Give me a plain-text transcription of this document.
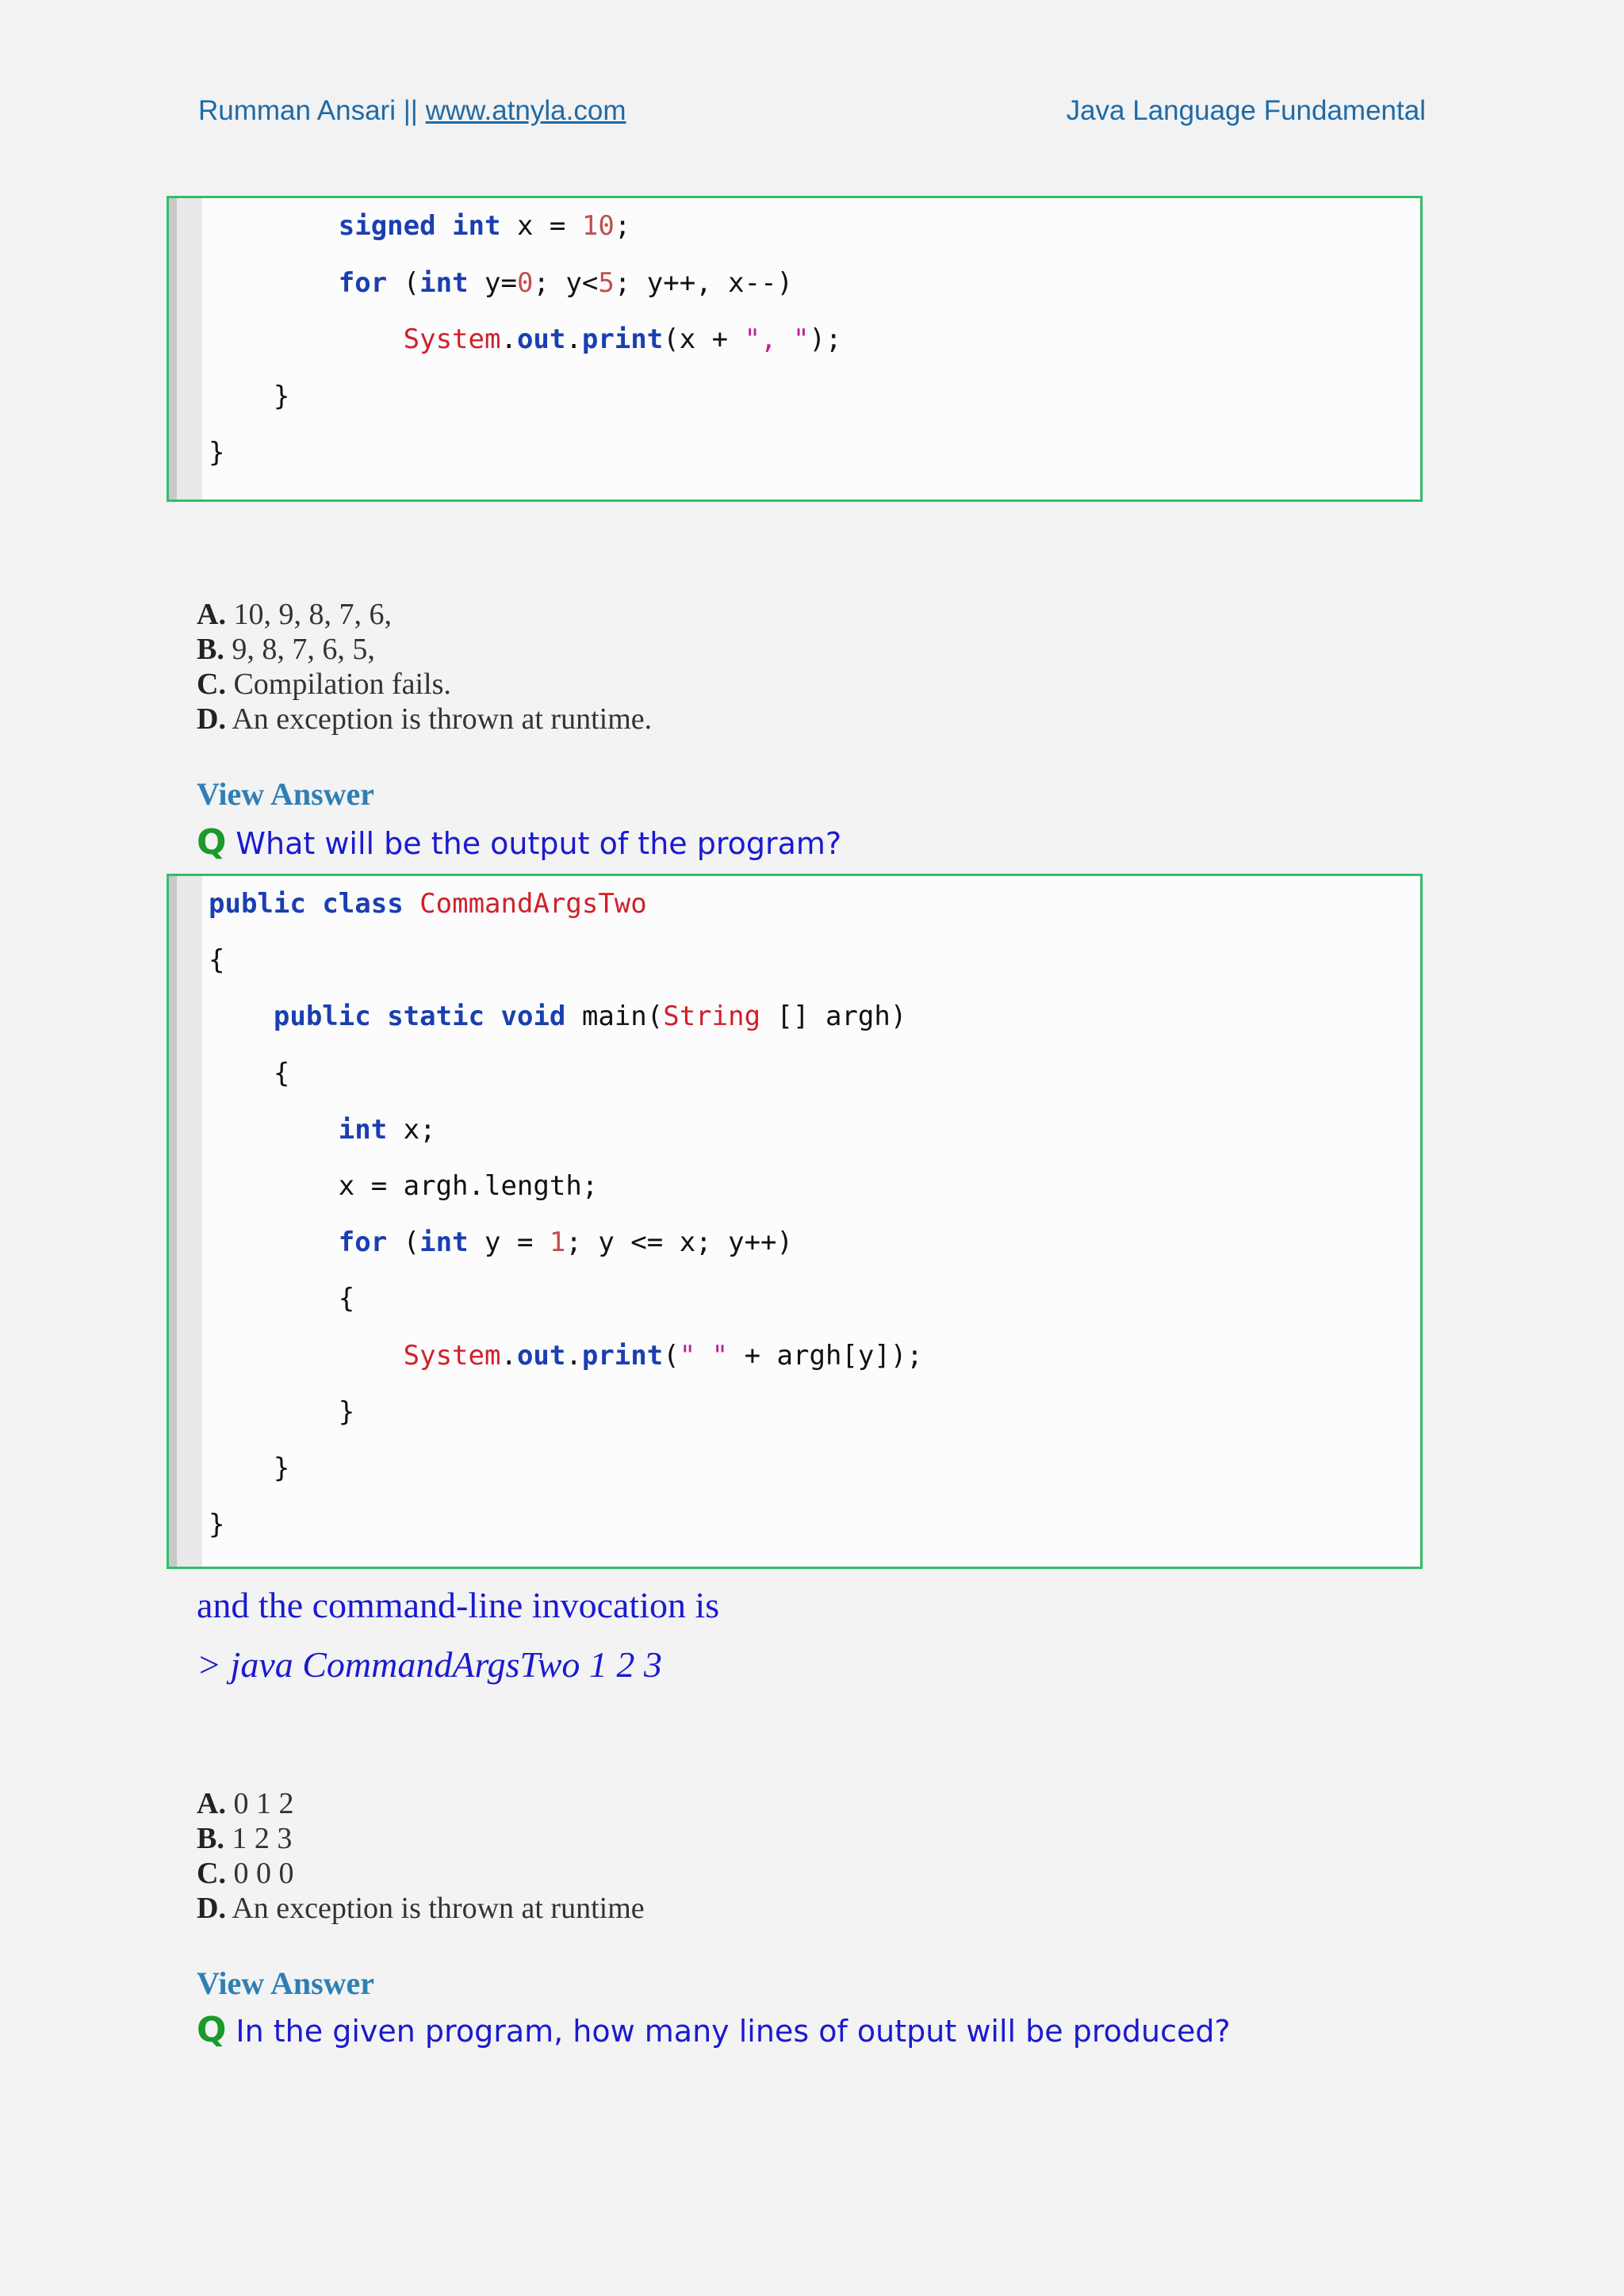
Rumman Ansari || www.atnyla.com	Java Language Fundamental
signed int x = 10;
for (int y=0; y<5; y++, x--)
System.out.print(x + ", ");
}
}
A. 10, 9, 8, 7, 6,
B. 9, 8, 7, 6, 5,
C. Compilation fails.
D. An exception is thrown at runtime.
View Answer
Q What will be the output of the program?
public class CommandArgsTwo
{
public static void main(String [] argh)
{
int x;
x = argh.length;
for (int y = 1; y <= x; y++)
{
System.out.print(" " + argh[y]);
}
}
}
and the command-line invocation is
> java CommandArgsTwo 1 2 3
A. 0 1 2
B. 1 2 3
C. 0 0 0
D. An exception is thrown at runtime
View Answer
Q In the given program, how many lines of output will be produced?
